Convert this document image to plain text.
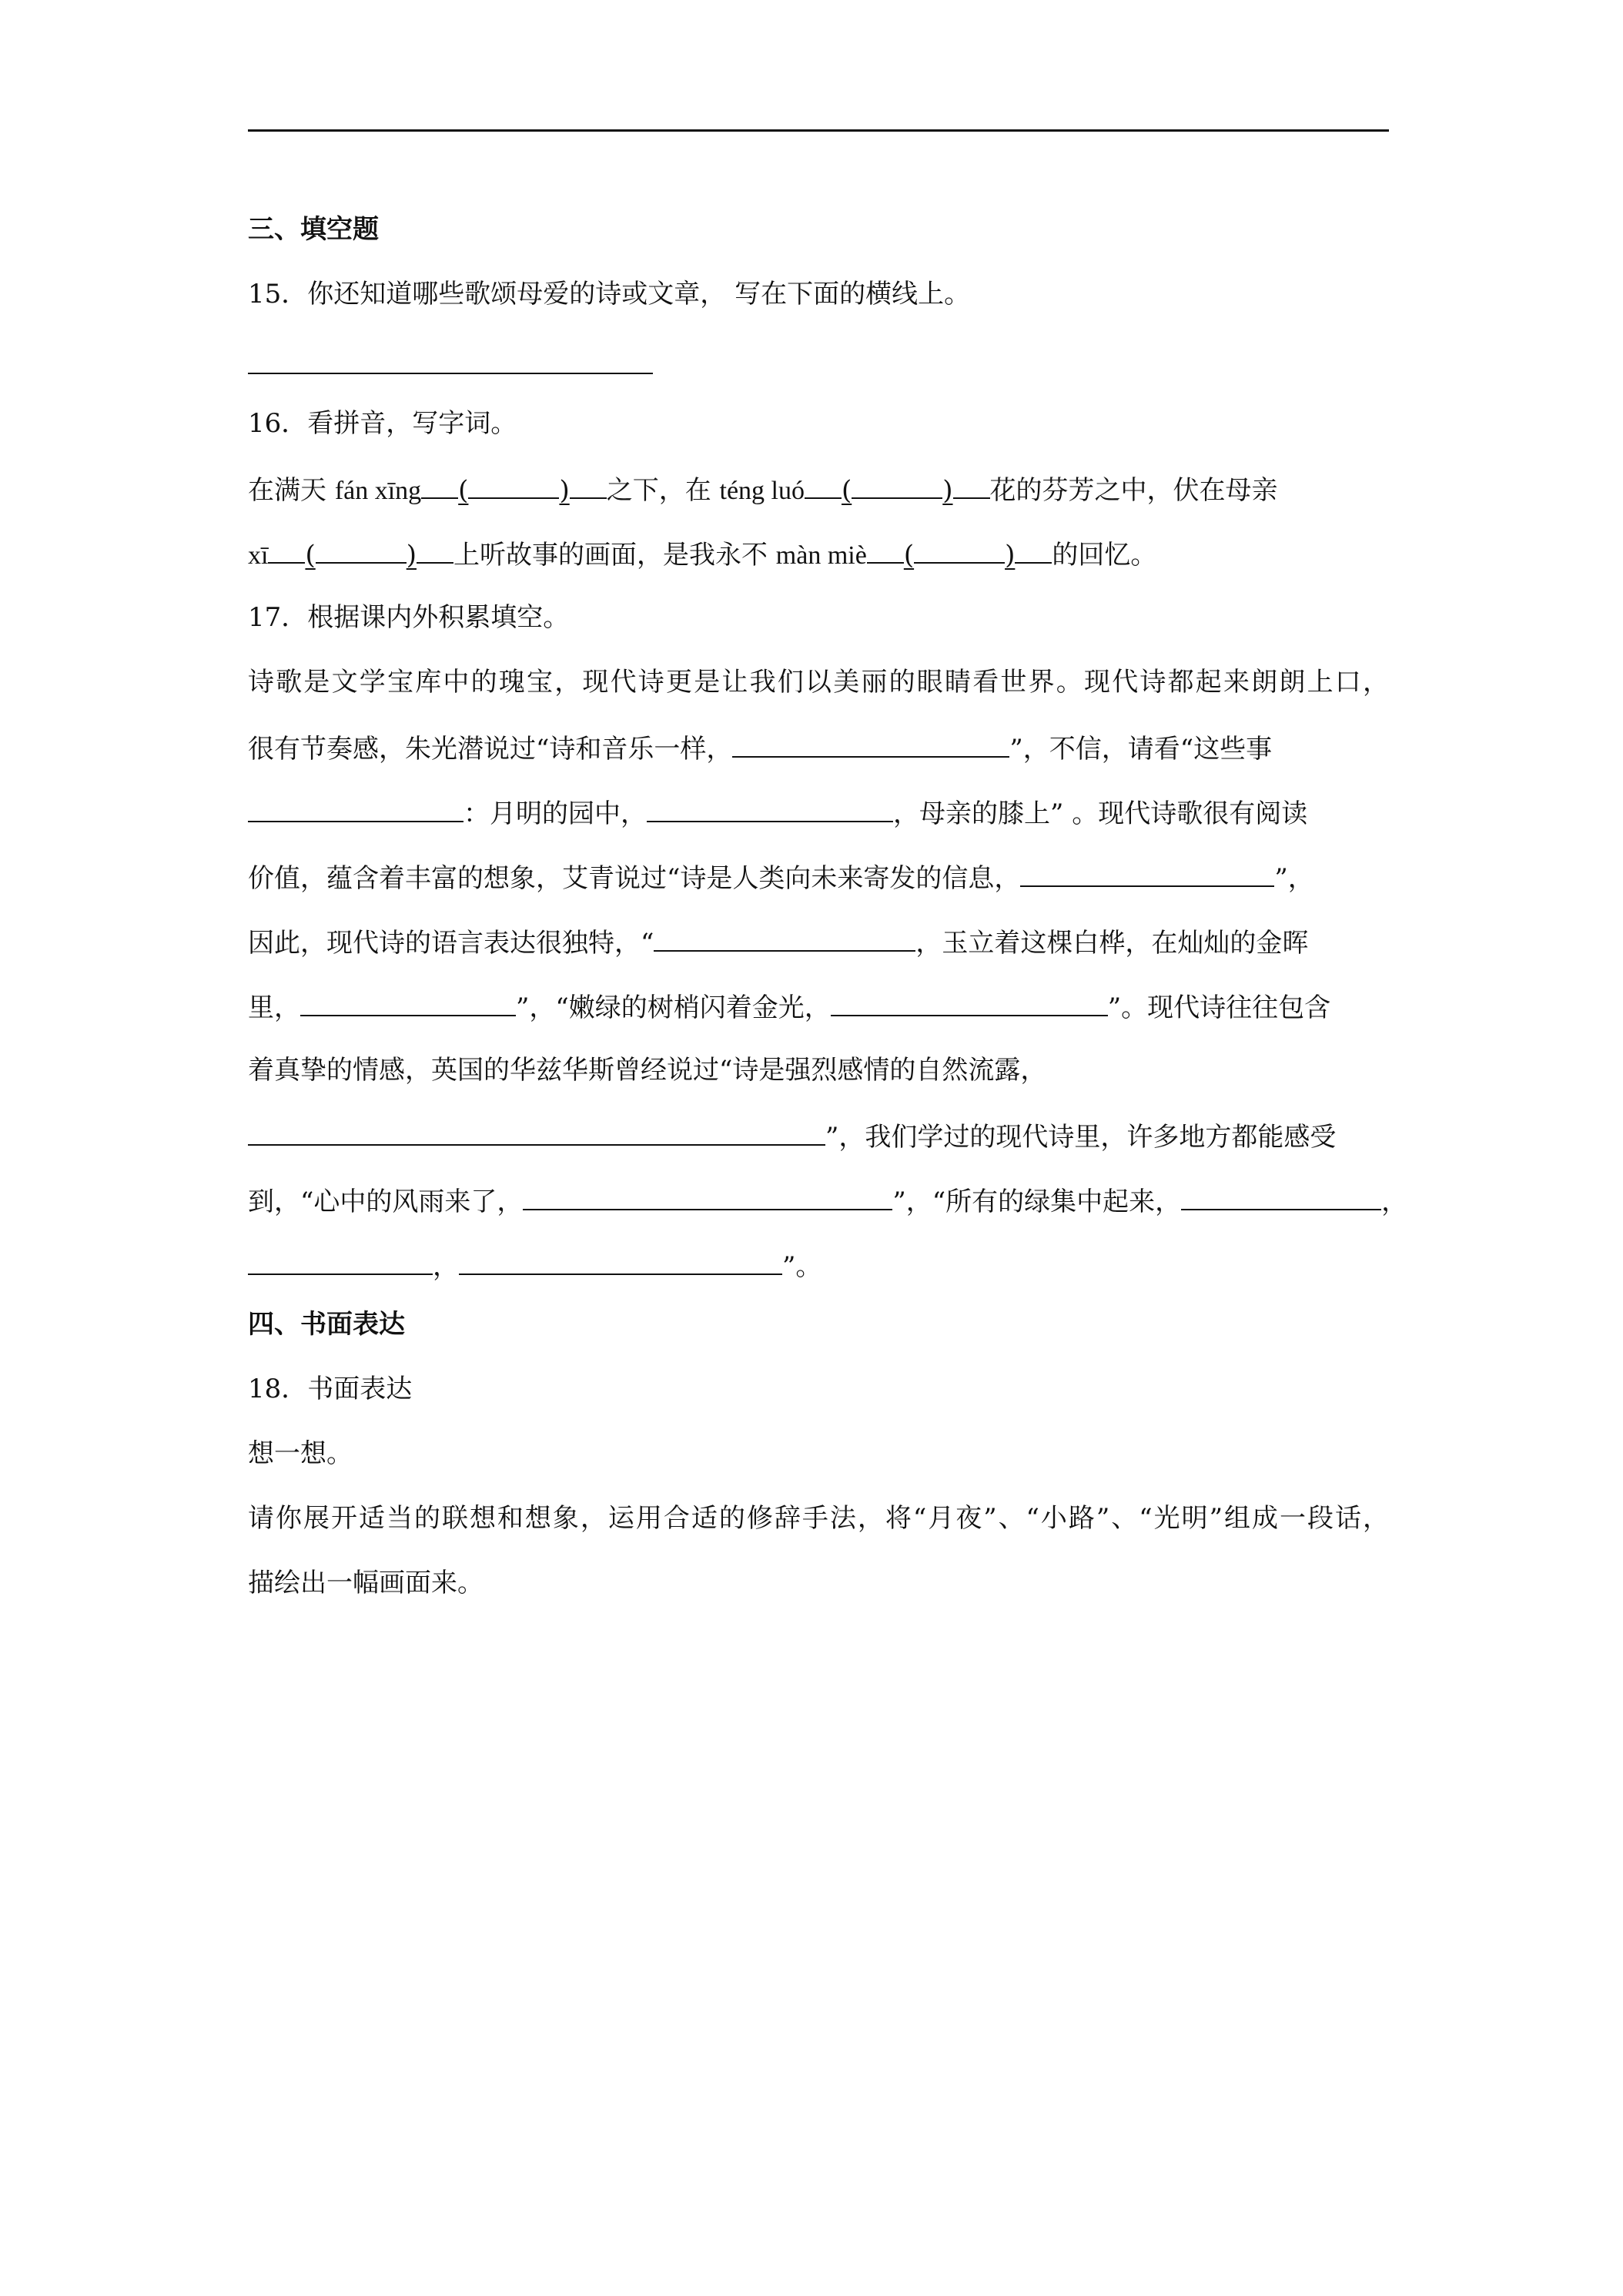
三、填空题
15．你还知道哪些歌颂母爱的诗或文章， 写在下面的横线上。
16．看拼音，写字词。
在满天 fán xīng (	) 之下，在 téng luó (	) 花的芬芳之中，伏在母亲
xī (	) 上听故事的画面，是我永不 màn miè (	) 的回忆。
17．根据课内外积累填空。
诗歌是文学宝库中的瑰宝，现代诗更是让我们以美丽的眼睛看世界。现代诗都起来朗朗上口，
很有节奏感，朱光潜说过“诗和音乐一样，	”，不信，请看“这些事
：月明的园中，	，母亲的膝上” 。现代诗歌很有阅读
价值，蕴含着丰富的想象，艾青说过“诗是人类向未来寄发的信息，	”，
因此，现代诗的语言表达很独特，“	，玉立着这棵白桦，在灿灿的金晖
里，	”，“嫩绿的树梢闪着金光，	”。现代诗往往包含
着真挚的情感，英国的华兹华斯曾经说过“诗是强烈感情的自然流露，
”，我们学过的现代诗里，许多地方都能感受
到，“心中的风雨来了，	”，“所有的绿集中起来，	，
，	”。
四、书面表达
18．书面表达
想一想。
请你展开适当的联想和想象，运用合适的修辞手法，将“月夜”、“小路”、“光明”组成一段话，
描绘出一幅画面来。
